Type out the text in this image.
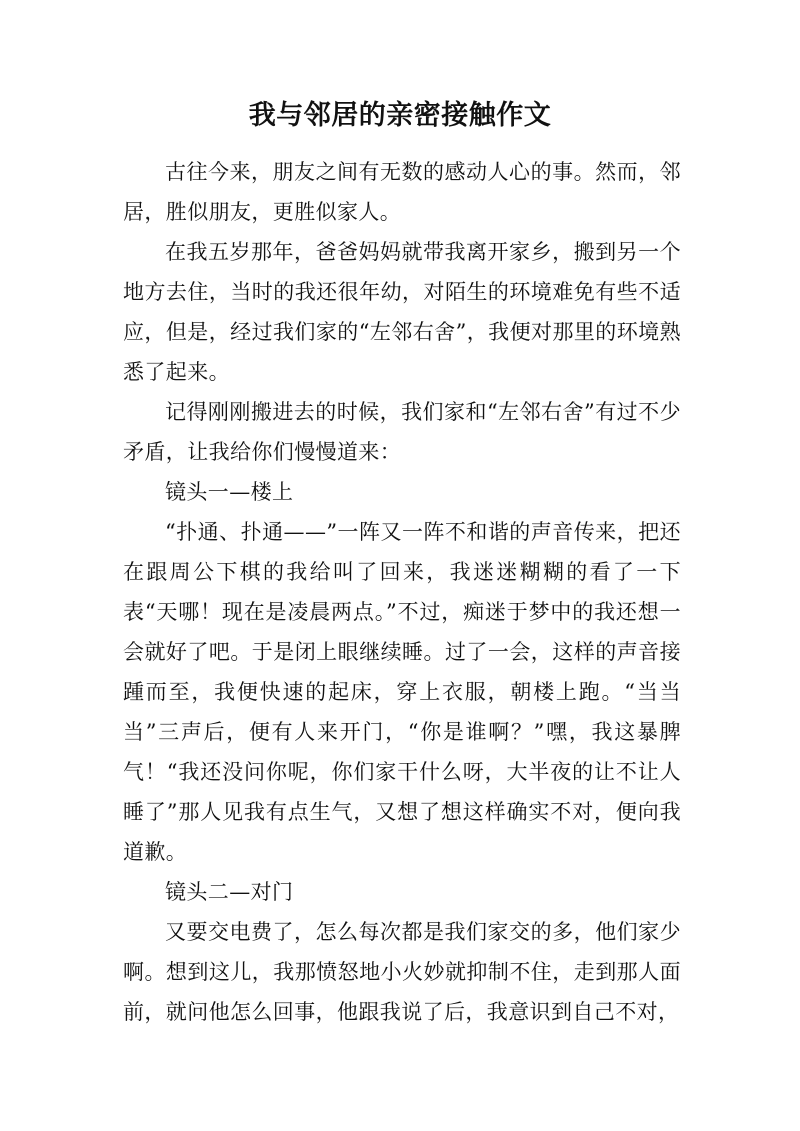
我与邻居的亲密接触作文

古往今来，朋友之间有无数的感动人心的事。然而，邻居，胜似朋友，更胜似家人。

在我五岁那年，爸爸妈妈就带我离开家乡，搬到另一个地方去住，当时的我还很年幼，对陌生的环境难免有些不适应，但是，经过我们家的“左邻右舍”，我便对那里的环境熟悉了起来。

记得刚刚搬进去的时候，我们家和“左邻右舍”有过不少矛盾，让我给你们慢慢道来：

镜头一—楼上

“扑通、扑通——”一阵又一阵不和谐的声音传来，把还在跟周公下棋的我给叫了回来，我迷迷糊糊的看了一下表“天哪！现在是凌晨两点。”不过，痴迷于梦中的我还想一会就好了吧。于是闭上眼继续睡。过了一会，这样的声音接踵而至，我便快速的起床，穿上衣服，朝楼上跑。“当当当”三声后，便有人来开门，“你是谁啊？”嘿，我这暴脾气！“我还没问你呢，你们家干什么呀，大半夜的让不让人睡了”那人见我有点生气，又想了想这样确实不对，便向我道歉。

镜头二—对门

又要交电费了，怎么每次都是我们家交的多，他们家少啊。想到这儿，我那愤怒地小火妙就抑制不住，走到那人面前，就问他怎么回事，他跟我说了后，我意识到自己不对，
